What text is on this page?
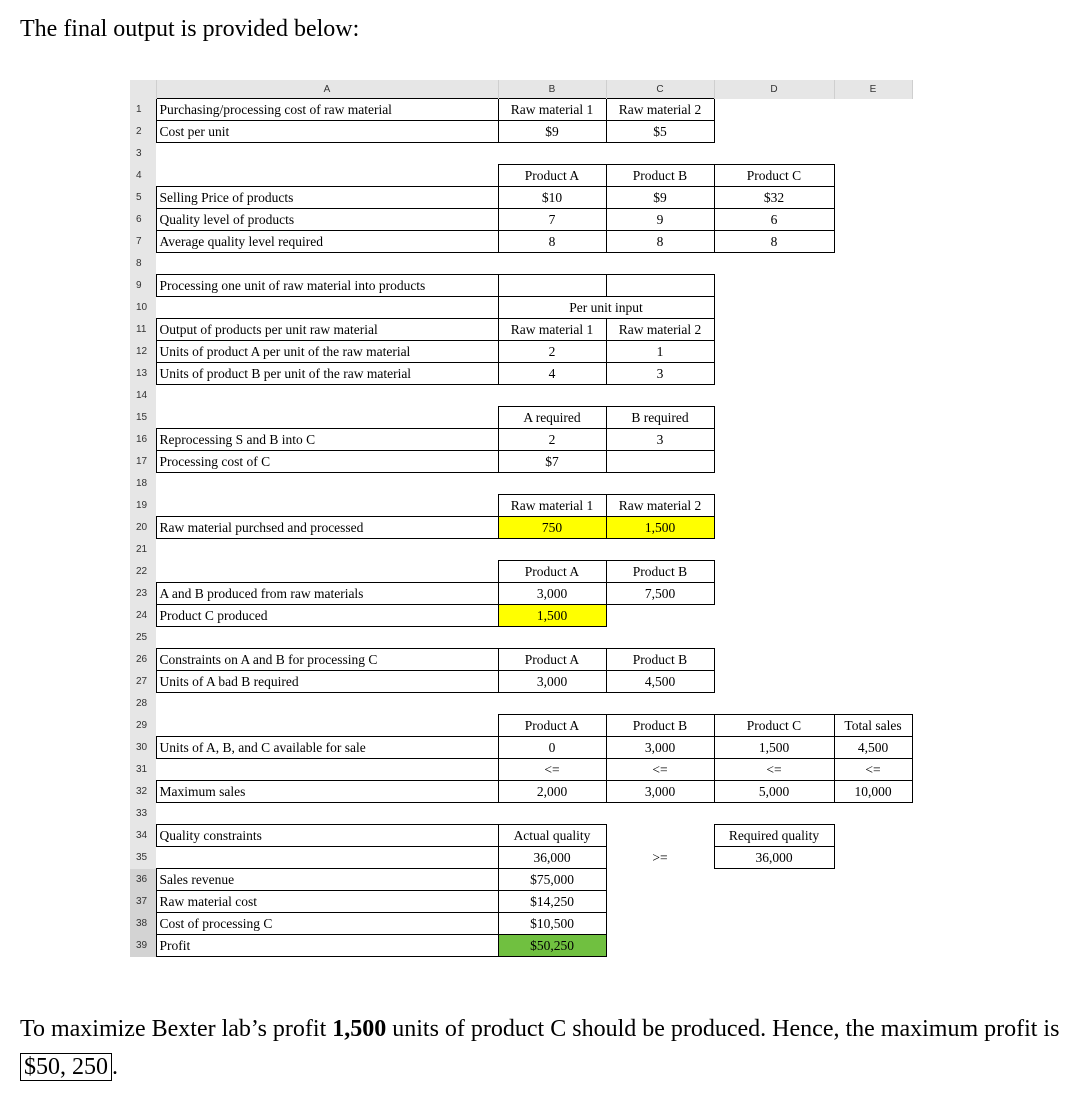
The final output is provided below:
	A	B	C	D	E
1	Purchasing/processing cost of raw material	Raw material 1	Raw material 2		
2	Cost per unit	$9	$5		
3					
4		Product A	Product B	Product C	
5	Selling Price of products	$10	$9	$32	
6	Quality level of products	7	9	6	
7	Average quality level required	8	8	8	
8					
9	Processing one unit of raw material into products				
10		Per unit input			
11	Output of products per unit raw material	Raw material 1	Raw material 2		
12	Units of product A per unit of the raw material	2	1		
13	Units of product B per unit of the raw material	4	3		
14					
15		A required	B required		
16	Reprocessing S and B into C	2	3		
17	Processing cost of C	$7			
18					
19		Raw material 1	Raw material 2		
20	Raw material purchsed and processed	750	1,500		
21					
22		Product A	Product B		
23	A and B produced from raw materials	3,000	7,500		
24	Product C produced	1,500			
25					
26	Constraints on A and B for processing C	Product A	Product B		
27	Units of A bad B required	3,000	4,500		
28					
29		Product A	Product B	Product C	Total sales
30	Units of A, B, and C available for sale	0	3,000	1,500	4,500
31		<=	<=	<=	<=
32	Maximum sales	2,000	3,000	5,000	10,000
33					
34	Quality constraints	Actual quality		Required quality	
35		36,000	>=	36,000	
36	Sales revenue	$75,000			
37	Raw material cost	$14,250			
38	Cost of processing C	$10,500			
39	Profit	$50,250			
To maximize Bexter lab’s profit 1,500 units of product C should be produced. Hence, the maximum profit is $50, 250 .
